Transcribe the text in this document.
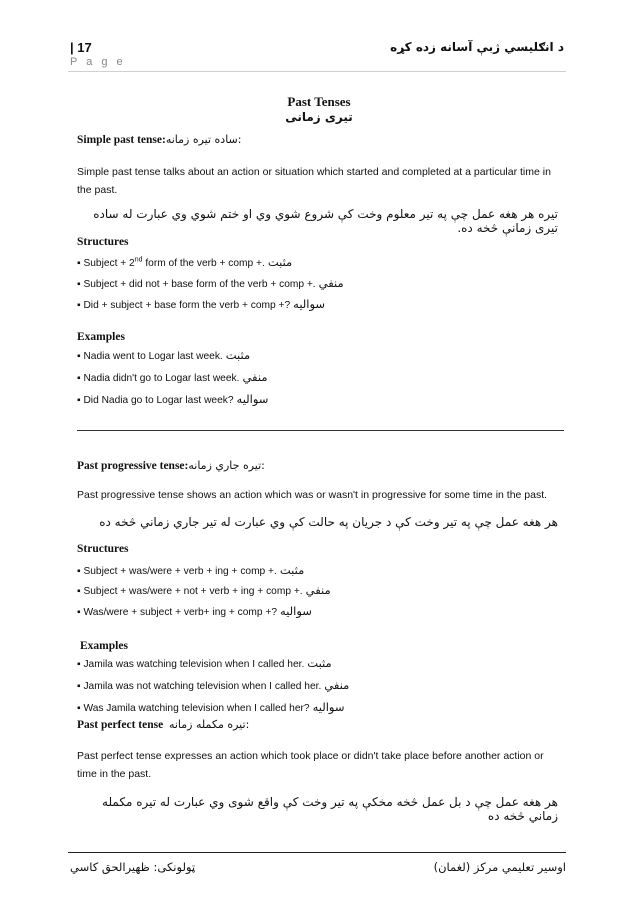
| 17
P a g e
د انګلیسي ژبې آسانه زده کړه
Past Tenses
تیری زمانی
Simple past tense:ساده تیره زمانه:
Simple past tense talks about an action or situation which started and completed at a particular time in the past.
تیره هر هغه عمل چې په تیر معلوم وخت کې شروع شوي وي او ختم شوي وي عبارت له ساده تیری زمانې څخه ده.
Structures
▪ Subject + 2nd form of the verb + comp +. مثبت
▪ Subject + did not + base form of the verb + comp +. منفي
▪ Did + subject + base form the verb + comp +? سوالیه
Examples
▪ Nadia went to Logar last week. مثبت
▪ Nadia didn't go to Logar last week. منفي
▪ Did Nadia go to Logar last week? سوالیه
Past progressive tense:تیره جاري زمانه:
Past progressive tense shows an action which was or wasn't in progressive for some time in the past.
هر هغه عمل چې په تیر وخت کې د جریان په حالت کې وي عبارت له تیر جاري زماني څخه ده
Structures
▪ Subject + was/were + verb + ing + comp +. مثبت
▪ Subject + was/were + not + verb + ing + comp +. منفي
▪ Was/were + subject + verb+ ing + comp +? سوالیه
Examples
▪ Jamila was watching television when I called her. مثبت
▪ Jamila was not watching television when I called her. منفي
▪ Was Jamila watching television when I called her? سوالیه
Past perfect tense تیره مکمله زمانه:
Past perfect tense expresses an action which took place or didn't take place before another action or time in the past.
هر هغه عمل چې د بل عمل څخه مخکې په تیر وخت کې واقع شوی وي عبارت له تیره مکمله زماني څخه ده
ټولونکی: ظهیرالحق کاسي	اوسیر تعلیمي مرکز (لغمان)
